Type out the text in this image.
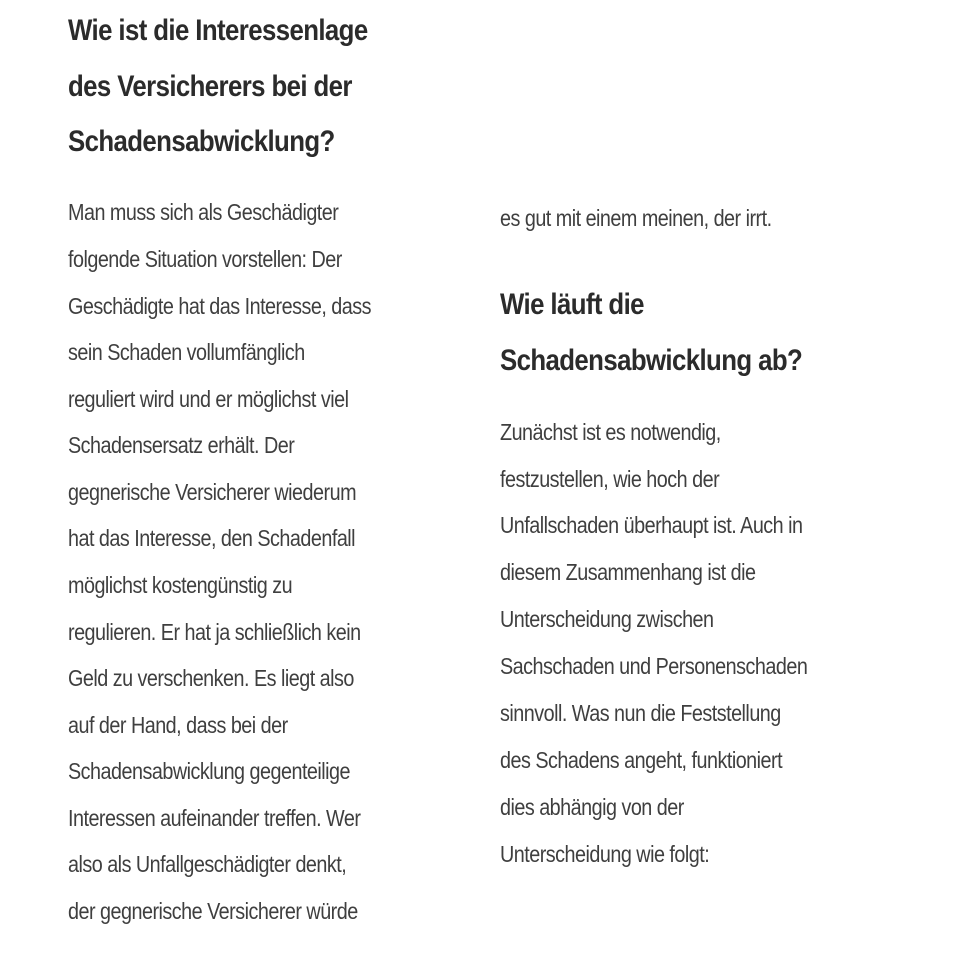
Wie ist die Interessenlage
des Versicherers bei der
Schadensabwicklung?
Man muss sich als Geschädigter
folgende Situation vorstellen: Der
Geschädigte hat das Interesse, dass
sein Schaden vollumfänglich
reguliert wird und er möglichst viel
Schadensersatz erhält. Der
gegnerische Versicherer wiederum
hat das Interesse, den Schadenfall
möglichst kostengünstig zu
regulieren. Er hat ja schließlich kein
Geld zu verschenken. Es liegt also
auf der Hand, dass bei der
Schadensabwicklung gegenteilige
Interessen aufeinander treffen. Wer
also als Unfallgeschädigter denkt,
der gegnerische Versicherer würde
es gut mit einem meinen, der irrt.
Wie läuft die
Schadensabwicklung ab?
Zunächst ist es notwendig,
festzustellen, wie hoch der
Unfallschaden überhaupt ist. Auch in
diesem Zusammenhang ist die
Unterscheidung zwischen
Sachschaden und Personenschaden
sinnvoll. Was nun die Feststellung
des Schadens angeht, funktioniert
dies abhängig von der
Unterscheidung wie folgt:
